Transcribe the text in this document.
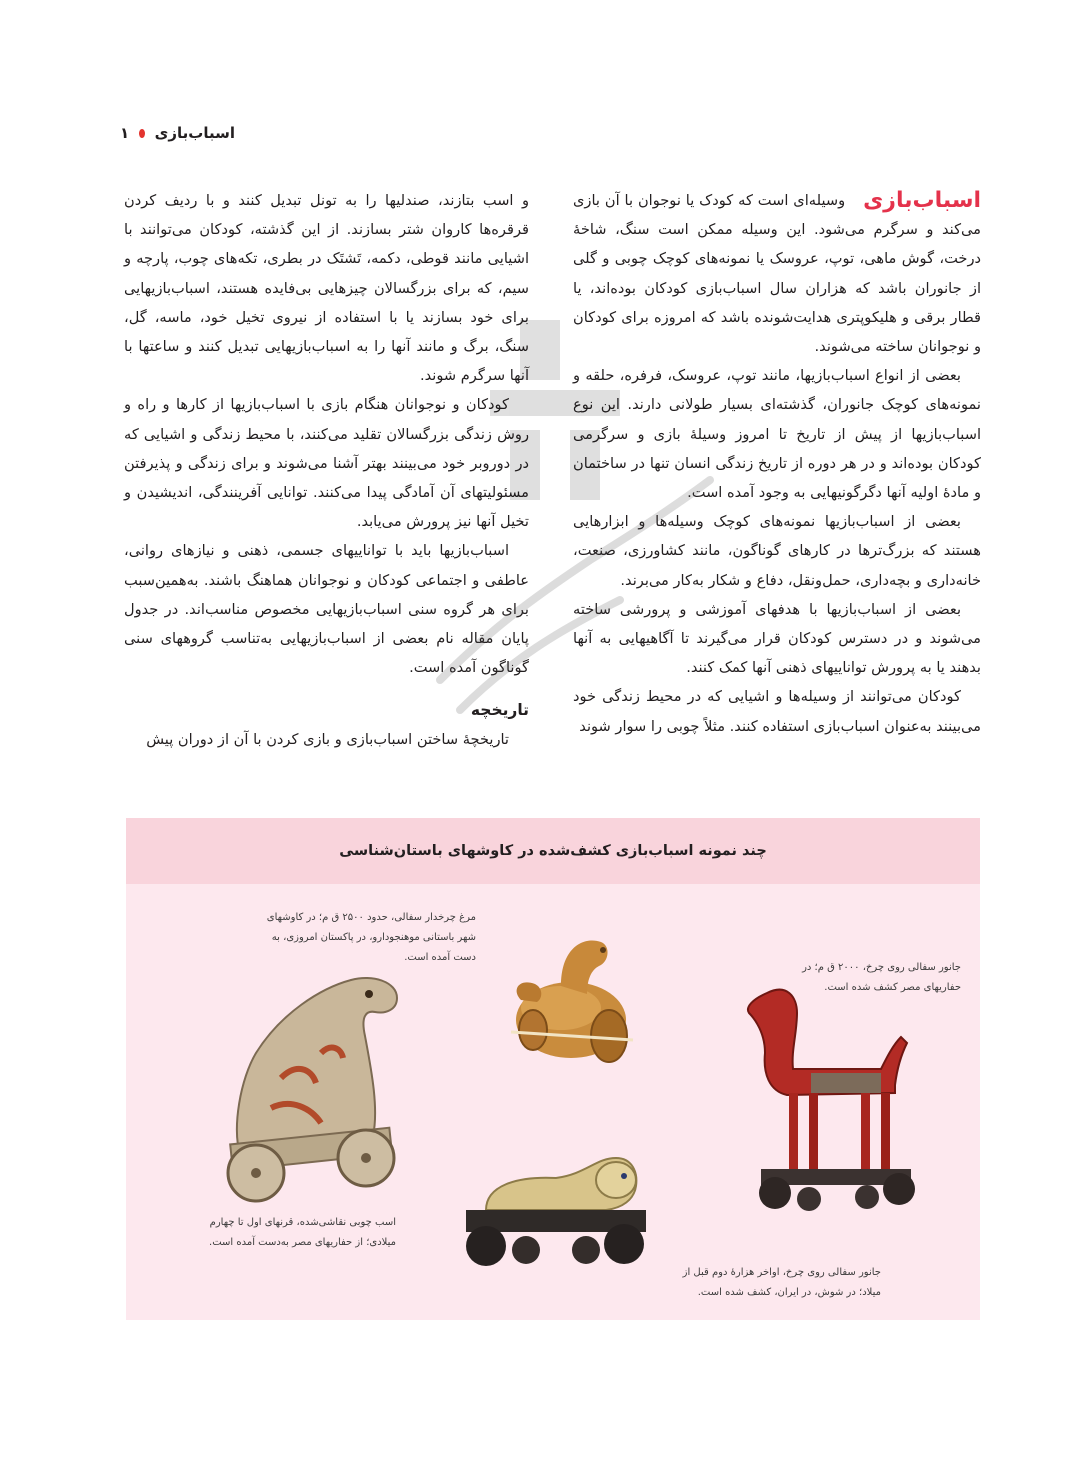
اسباب‌بازی
۱

اسباب‌بازی
وسیله‌ای است که کودک یا نوجوان با آن بازی می‌کند و سرگرم می‌شود. این وسیله ممکن است سنگ، شاخهٔ درخت، گوش ماهی، توپ، عروسک یا نمونه‌های کوچک چوبی و گلی از جانوران باشد که هزاران سال اسباب‌بازی کودکان بوده‌اند، یا قطار برقی و هلیکوپتری هدایت‌شونده باشد که امروزه برای کودکان و نوجوانان ساخته می‌شوند.

بعضی از انواع اسباب‌بازیها، مانند توپ، عروسک، فرفره، حلقه و نمونه‌های کوچک جانوران، گذشته‌ای بسیار طولانی دارند. این نوع اسباب‌بازیها از پیش از تاریخ تا امروز وسیلهٔ بازی و سرگرمی کودکان بوده‌اند و در هر دوره از تاریخ زندگی انسان تنها در ساختمان و مادهٔ اولیه آنها دگرگونیهایی به وجود آمده است.

بعضی از اسباب‌بازیها نمونه‌های کوچک وسیله‌ها و ابزارهایی هستند که بزرگ‌ترها در کارهای گوناگون، مانند کشاورزی، صنعت، خانه‌داری و بچه‌داری، حمل‌ونقل، دفاع و شکار به‌کار می‌برند.

بعضی از اسباب‌بازیها با هدفهای آموزشی و پرورشی ساخته می‌شوند و در دسترس کودکان قرار می‌گیرند تا آگاهیهایی به آنها بدهند یا به پرورش تواناییهای ذهنی آنها کمک کنند.

کودکان می‌توانند از وسیله‌ها و اشیایی که در محیط زندگی خود می‌بینند به‌عنوان اسباب‌بازی استفاده کنند. مثلاً چوبی را سوار شوند

و اسب بتازند، صندلیها را به تونل تبدیل کنند و با ردیف کردن قرقره‌ها کاروان شتر بسازند. از این گذشته، کودکان می‌توانند با اشیایی مانند قوطی، دکمه، تَشتَک در بطری، تکه‌های چوب، پارچه و سیم، که برای بزرگسالان چیزهایی بی‌فایده هستند، اسباب‌بازیهایی برای خود بسازند یا با استفاده از نیروی تخیل خود، ماسه، گل، سنگ، برگ و مانند آنها را به اسباب‌بازیهایی تبدیل کنند و ساعتها با آنها سرگرم شوند.

کودکان و نوجوانان هنگام بازی با اسباب‌بازیها از کارها و راه و روش زندگی بزرگسالان تقلید می‌کنند، با محیط زندگی و اشیایی که در دوروبر خود می‌بینند بهتر آشنا می‌شوند و برای زندگی و پذیرفتن مسئولیتهای آن آمادگی پیدا می‌کنند. توانایی آفرینندگی، اندیشیدن و تخیل آنها نیز پرورش می‌یابد.

اسباب‌بازیها باید با تواناییهای جسمی، ذهنی و نیازهای روانی، عاطفی و اجتماعی کودکان و نوجوانان هماهنگ باشند. به‌همین‌سبب برای هر گروه سنی اسباب‌بازیهایی مخصوص مناسب‌اند. در جدول پایان مقاله نام بعضی از اسباب‌بازیهایی به‌تناسب گروههای سنی گوناگون آمده است.

تاریخچه

تاریخچهٔ ساختن اسباب‌بازی و بازی کردن با آن از دوران پیش

چند نمونه اسباب‌بازی کشف‌شده در کاوشهای باستان‌شناسی
مرغ چرخدار سفالی، حدود ۲۵۰۰ ق م؛ در کاوشهای شهر باستانی موهنجودارو، در پاکستان امروزی، به دست آمده است.
جانور سفالی روی چرخ، ۲۰۰۰ ق م؛ در حفاریهای مصر کشف شده است.
اسب چوبی نقاشی‌شده، قرنهای اول تا چهارم میلادی؛ از حفاریهای مصر به‌دست آمده است.
جانور سفالی روی چرخ، اواخر هزارهٔ دوم قبل از میلاد؛ در شوش، در ایران، کشف شده است.
